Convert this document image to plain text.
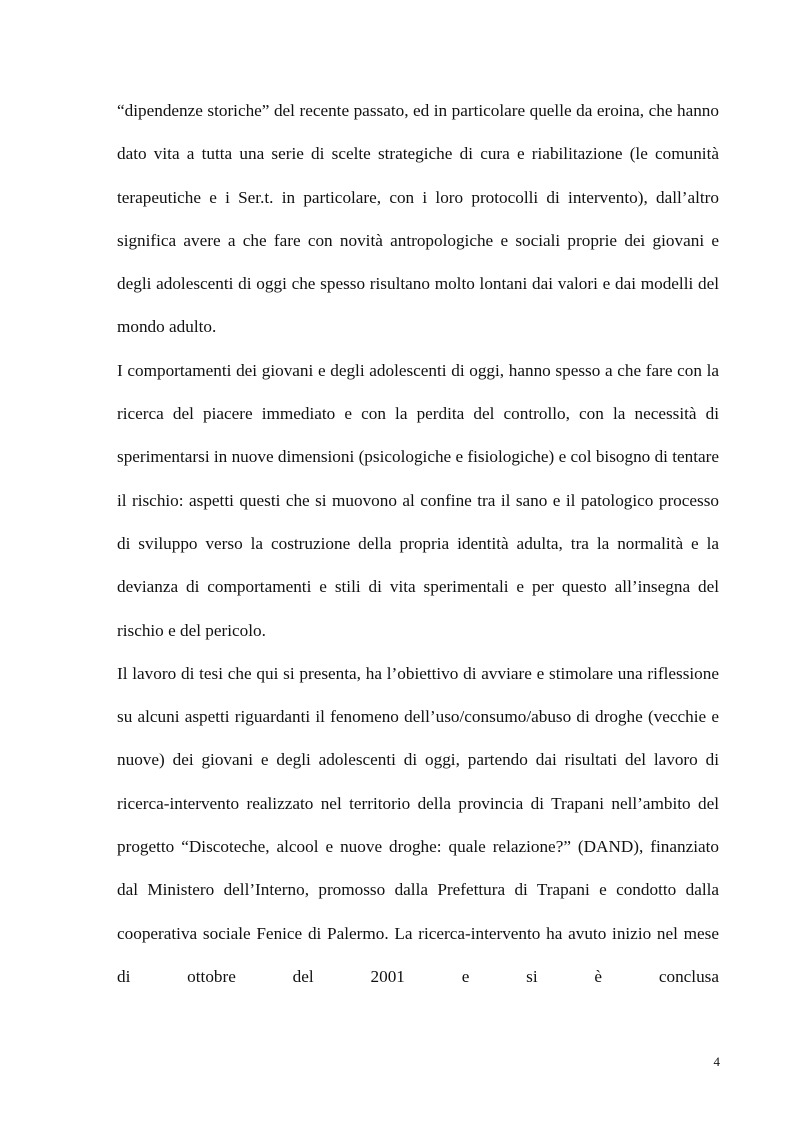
“dipendenze storiche” del recente passato, ed in particolare quelle da eroina, che hanno dato vita a tutta una serie di scelte strategiche di cura e riabilitazione (le comunità terapeutiche e i Ser.t. in particolare, con i loro protocolli di intervento), dall’altro significa avere a che fare con novità antropologiche e sociali proprie dei giovani e degli adolescenti di oggi che spesso risultano molto lontani dai valori e dai modelli del mondo adulto.

I comportamenti dei giovani e degli adolescenti di oggi, hanno spesso a che fare con la ricerca del piacere immediato e con la perdita del controllo, con la necessità di sperimentarsi in nuove dimensioni (psicologiche e fisiologiche) e col bisogno di tentare il rischio: aspetti questi che si muovono al confine tra il sano e il patologico processo di sviluppo verso la costruzione della propria identità adulta, tra la normalità e la devianza di comportamenti e stili di vita sperimentali e per questo all’insegna del rischio e del pericolo.

Il lavoro di tesi che qui si presenta, ha l’obiettivo di avviare e stimolare una riflessione su alcuni aspetti riguardanti il fenomeno dell’uso/consumo/abuso di droghe (vecchie e nuove) dei giovani e degli adolescenti di oggi, partendo dai risultati del lavoro di ricerca-intervento realizzato nel territorio della provincia di Trapani nell’ambito del progetto “Discoteche, alcool e nuove droghe: quale relazione?” (DAND), finanziato dal Ministero dell’Interno, promosso dalla Prefettura di Trapani e condotto dalla cooperativa sociale Fenice di Palermo. La ricerca-intervento ha avuto inizio nel mese di ottobre del 2001 e si è conclusa

4
